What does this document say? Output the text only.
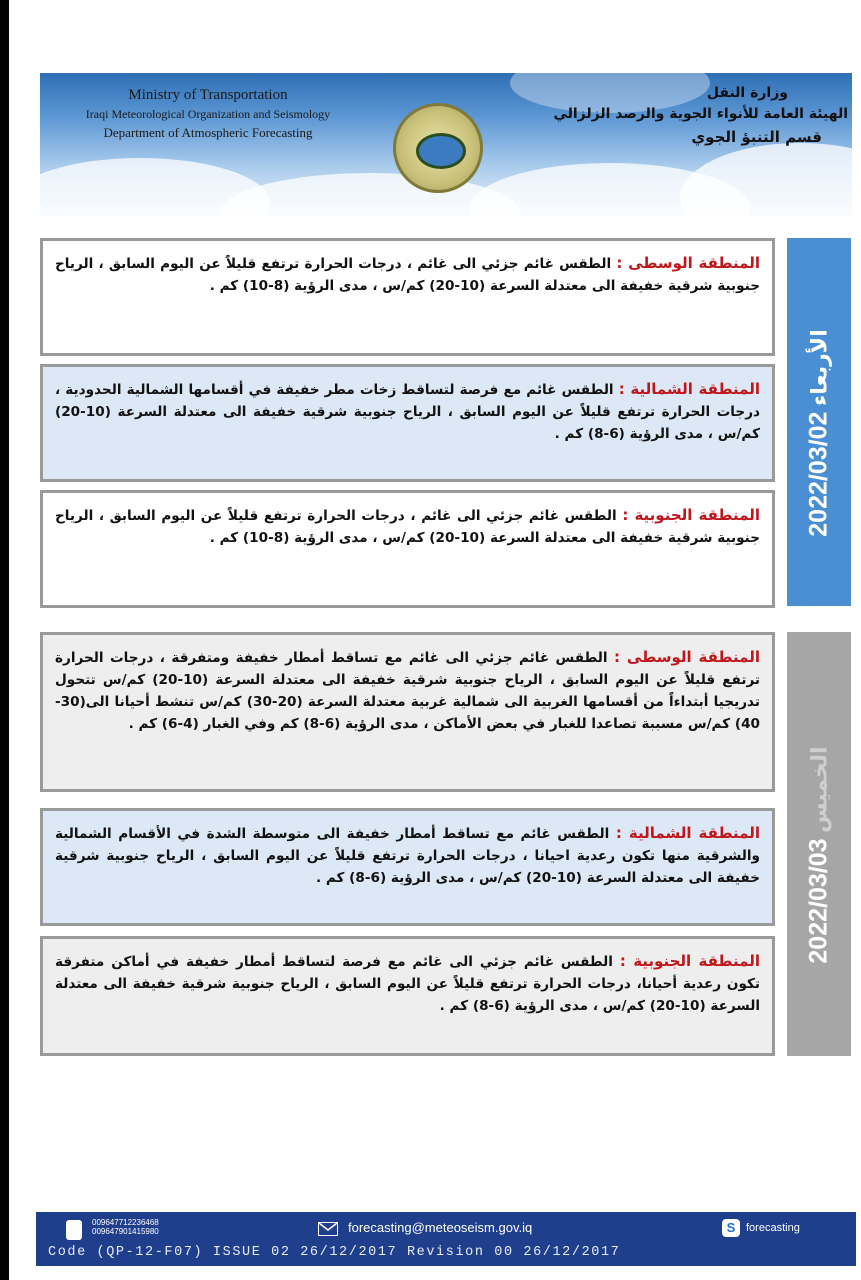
Ministry of Transportation
Iraqi Meteorological Organization and Seismology
Department of Atmospheric Forecasting
وزارة النقل
الهيئة العامة للأنواء الجوية والرصد الزلزالي
قسم التنبؤ الجوي
الأربعاء 2022/03/02
المنطقة الوسطى : الطقس غائم جزئي الى غائم ، درجات الحرارة ترتفع قليلاً عن اليوم السابق ، الرياح جنوبية شرقية خفيفة الى معتدلة السرعة (10-20) كم/س ، مدى الرؤية (8-10) كم .
المنطقة الشمالية : الطقس غائم مع فرصة لتساقط زخات مطر خفيفة في أقسامها الشمالية الحدودية ، درجات الحرارة ترتفع قليلاً عن اليوم السابق ، الرياح جنوبية شرقية خفيفة الى معتدلة السرعة (10-20) كم/س ، مدى الرؤية (6-8) كم .
المنطقة الجنوبية : الطقس غائم جزئي الى غائم ، درجات الحرارة ترتفع قليلاً عن اليوم السابق ، الرياح جنوبية شرقية خفيفة الى معتدلة السرعة (10-20) كم/س ، مدى الرؤية (8-10) كم .
الخميس 2022/03/03
المنطقة الوسطى : الطقس غائم جزئي الى غائم مع تساقط أمطار خفيفة ومتفرقة ، درجات الحرارة ترتفع قليلاً عن اليوم السابق ، الرياح جنوبية شرقية خفيفة الى معتدلة السرعة (10-20) كم/س تتحول تدريجيا أبتداءاً من أقسامها الغربية الى شمالية غربية معتدلة السرعة (20-30) كم/س تنشط أحيانا الى(30-40) كم/س مسببة تصاعدا للغبار في بعض الأماكن ، مدى الرؤية (6-8) كم وفي الغبار (4-6) كم .
المنطقة الشمالية : الطقس غائم مع تساقط أمطار خفيفة الى متوسطة الشدة في الأقسام الشمالية والشرقية منها تكون رعدية احيانا ، درجات الحرارة ترتفع قليلاً عن اليوم السابق ، الرياح جنوبية شرقية خفيفة الى معتدلة السرعة (10-20) كم/س ، مدى الرؤية (6-8) كم .
المنطقة الجنوبية : الطقس غائم جزئي الى غائم مع فرصة لتساقط أمطار خفيفة في أماكن متفرقة تكون رعدية أحيانا، درجات الحرارة ترتفع قليلاً عن اليوم السابق ، الرياح جنوبية شرقية خفيفة الى معتدلة السرعة (10-20) كم/س ، مدى الرؤية (6-8) كم .
009647712236468
009647901415980	forecasting@meteoseism.gov.iq	S forecasting
Code (QP-12-F07) ISSUE 02 26/12/2017 Revision 00 26/12/2017
